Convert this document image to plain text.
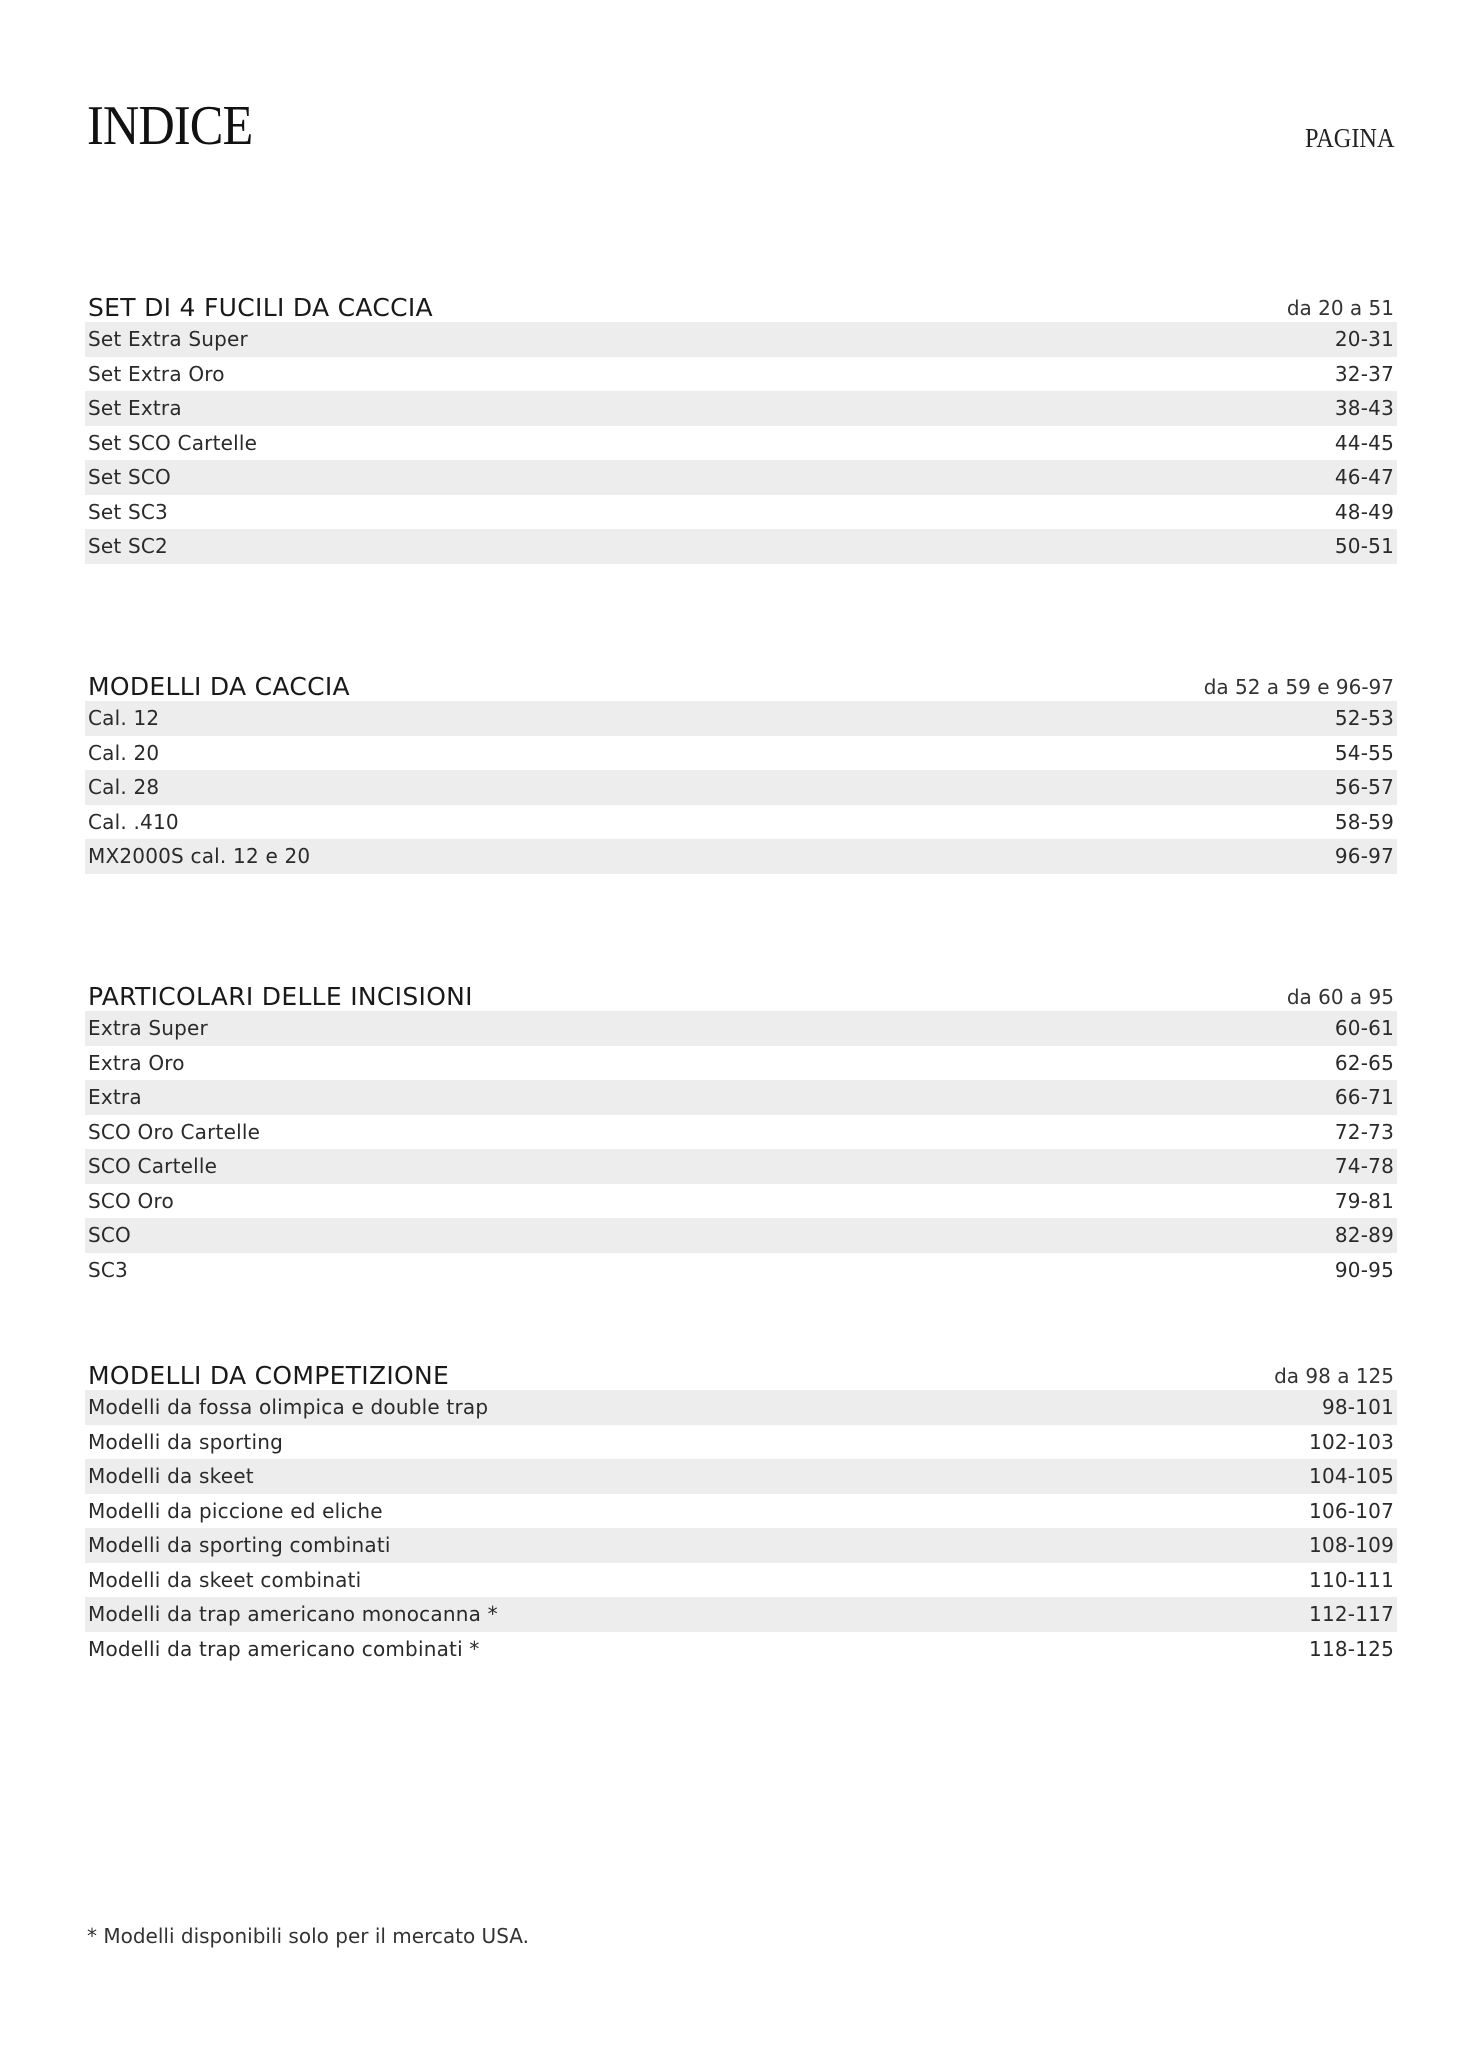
INDICE	PAGINA
SET DI 4 FUCILI DA CACCIA	da 20 a 51
Set Extra Super	20-31
Set Extra Oro	32-37
Set Extra	38-43
Set SCO Cartelle	44-45
Set SCO	46-47
Set SC3	48-49
Set SC2	50-51
MODELLI DA CACCIA	da 52 a 59 e 96-97
Cal. 12	52-53
Cal. 20	54-55
Cal. 28	56-57
Cal. .410	58-59
MX2000S cal. 12 e 20	96-97
PARTICOLARI DELLE INCISIONI	da 60 a 95
Extra Super	60-61
Extra Oro	62-65
Extra	66-71
SCO Oro Cartelle	72-73
SCO Cartelle	74-78
SCO Oro	79-81
SCO	82-89
SC3	90-95
MODELLI DA COMPETIZIONE	da 98 a 125
Modelli da fossa olimpica e double trap	98-101
Modelli da sporting	102-103
Modelli da skeet	104-105
Modelli da piccione ed eliche	106-107
Modelli da sporting combinati	108-109
Modelli da skeet combinati	110-111
Modelli da trap americano monocanna *	112-117
Modelli da trap americano combinati *	118-125
* Modelli disponibili solo per il mercato USA.
